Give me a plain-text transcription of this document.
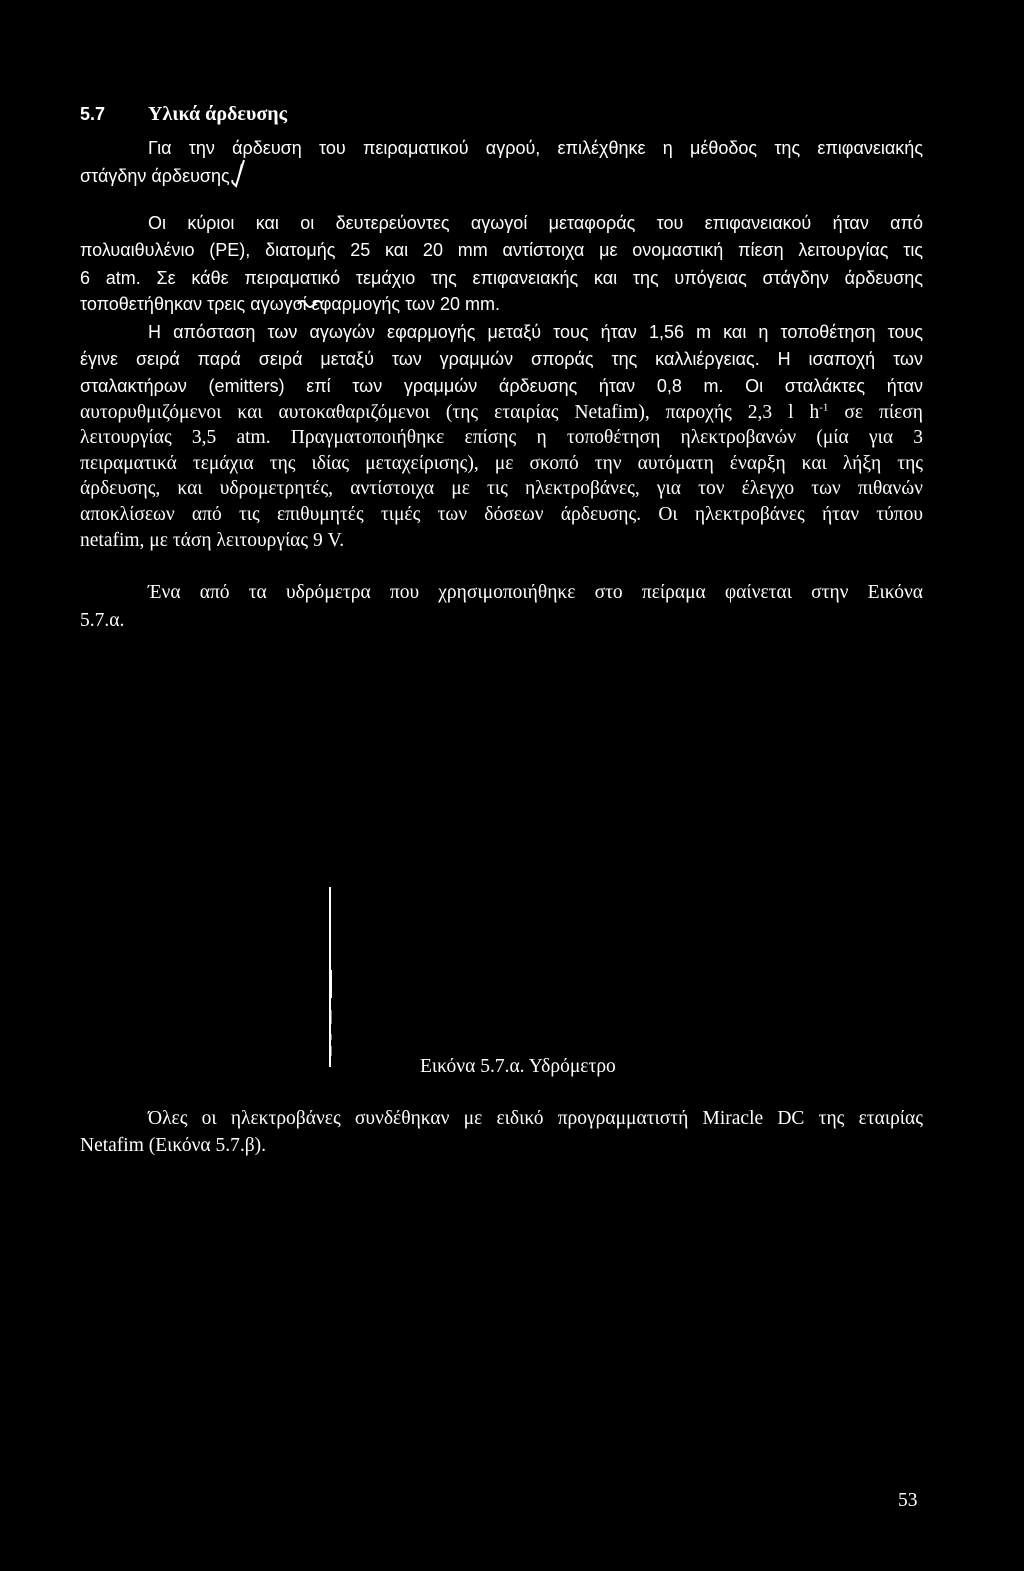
5.7 Υλικά άρδευσης
Για την άρδευση του πειραματικού αγρού, επιλέχθηκε η μέθοδος της επιφανειακής
στάγδην άρδευσης.
Οι κύριοι και οι δευτερεύοντες αγωγοί μεταφοράς του επιφανειακού ήταν από
πολυαιθυλένιο (PE), διατομής 25 και 20 mm αντίστοιχα με ονομαστική πίεση λειτουργίας τις
6 atm. Σε κάθε πειραματικό τεμάχιο της επιφανειακής και της υπόγειας στάγδην άρδευσης
τοποθετήθηκαν τρεις αγωγοί εφαρμογής των 20 mm.
Η απόσταση των αγωγών εφαρμογής μεταξύ τους ήταν 1,56 m και η τοποθέτηση τους
έγινε σειρά παρά σειρά μεταξύ των γραμμών σποράς της καλλιέργειας. Η ισαποχή των
σταλακτήρων (emitters) επί των γραμμών άρδευσης ήταν 0,8 m. Οι σταλάκτες ήταν
αυτορυθμιζόμενοι και αυτοκαθαριζόμενοι (της εταιρίας Netafim), παροχής 2,3 l $h^{-1}$ σε πίεση
λειτουργίας 3,5 atm. Πραγματοποιήθηκε επίσης η τοποθέτηση ηλεκτροβανών (μία για 3
πειραματικά τεμάχια της ιδίας μεταχείρισης), με σκοπό την αυτόματη έναρξη και λήξη της
άρδευσης, και υδρομετρητές, αντίστοιχα με τις ηλεκτροβάνες, για τον έλεγχο των πιθανών
αποκλίσεων από τις επιθυμητές τιμές των δόσεων άρδευσης. Οι ηλεκτροβάνες ήταν τύπου
netafim, με τάση λειτουργίας 9 V.
Ένα από τα υδρόμετρα που χρησιμοποιήθηκε στο πείραμα φαίνεται στην Εικόνα
5.7.α.
Εικόνα 5.7.α. Υδρόμετρο
Όλες οι ηλεκτροβάνες συνδέθηκαν με ειδικό προγραμματιστή Miracle DC της εταιρίας
Netafim (Εικόνα 5.7.β).
53
